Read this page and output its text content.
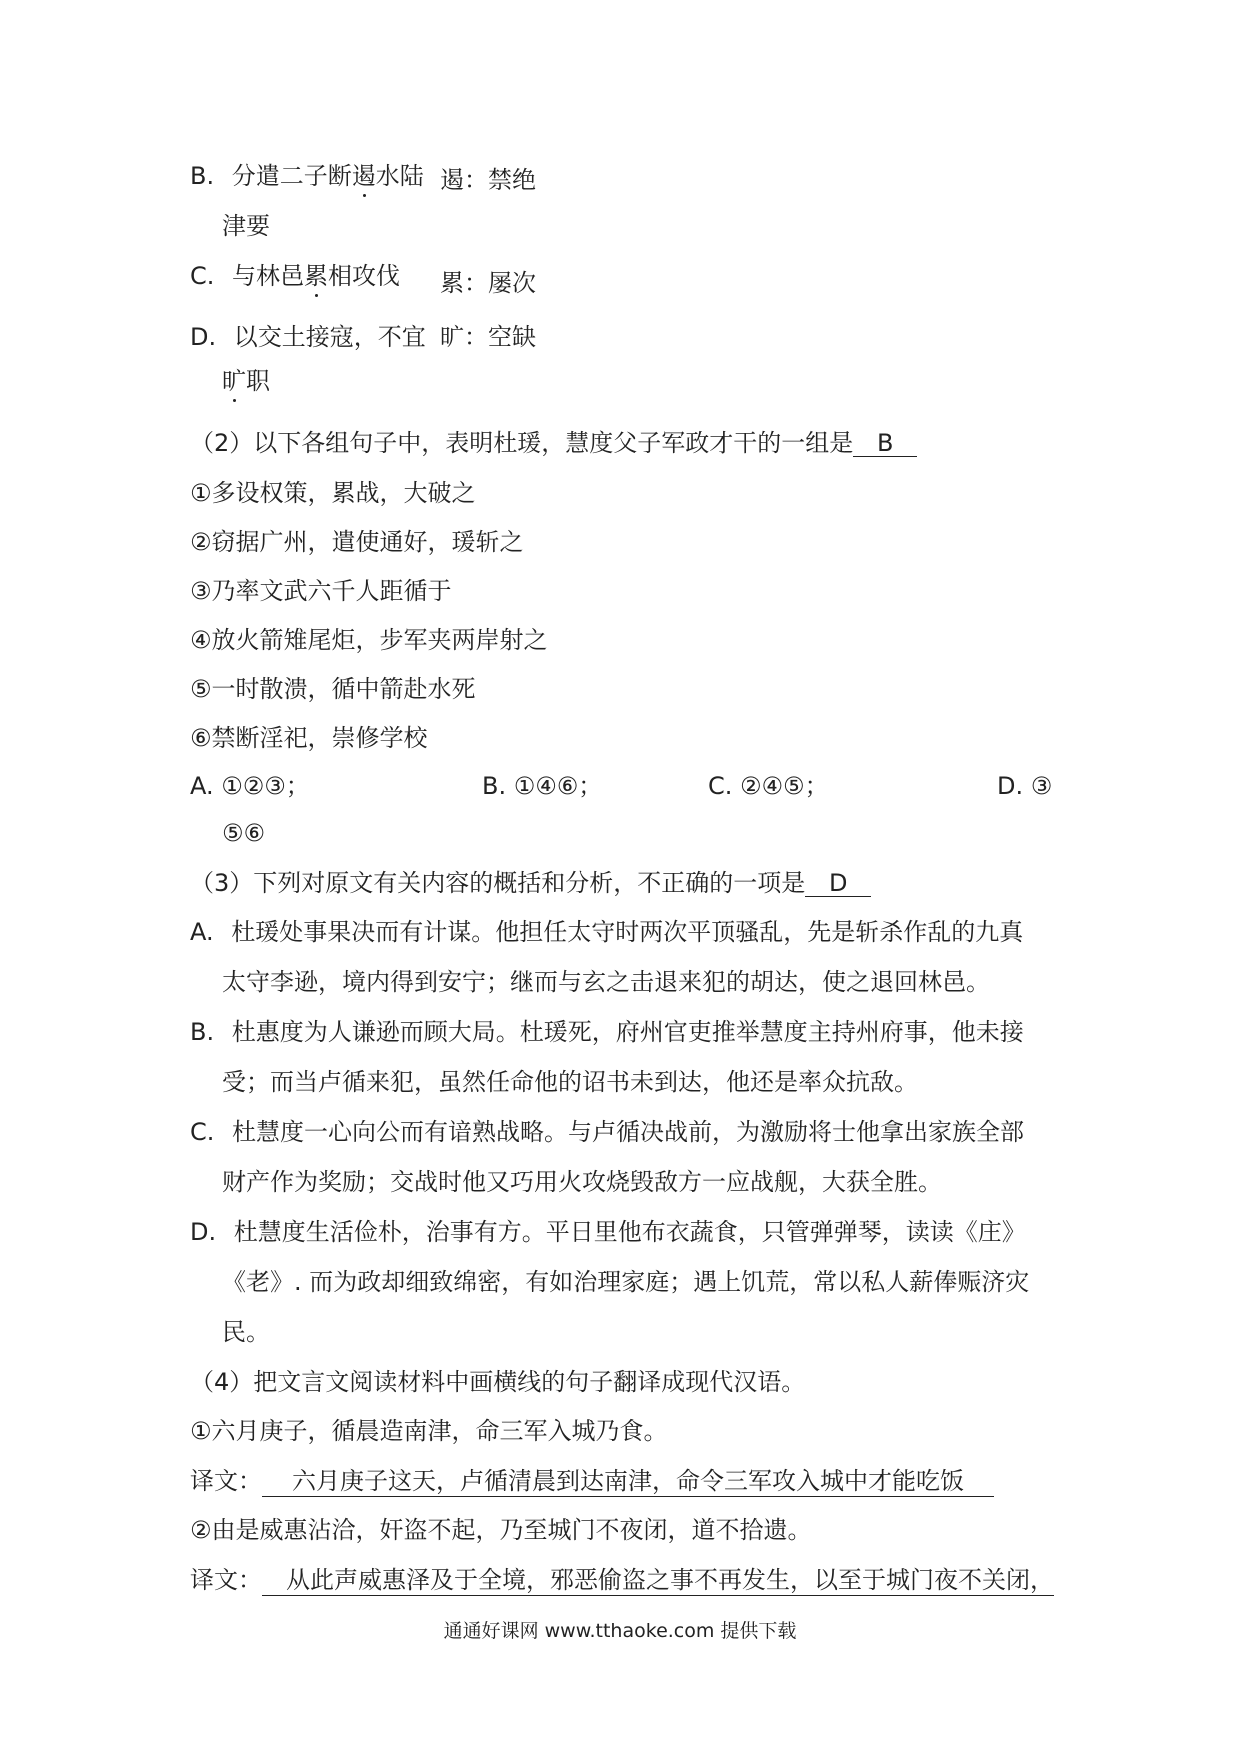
B. 分遣二子断遏水陆 遏：禁绝
津要
C. 与林邑累相攻伐 累：屡次
D. 以交土接寇，不宜 旷：空缺
旷职
（2）以下各组句子中，表明杜瑗，慧度父子军政才干的一组是 B
①多设权策，累战，大破之
②窃据广州，遣使通好，瑗斩之
③乃率文武六千人距循于
④放火箭雉尾炬，步军夹两岸射之
⑤一时散溃，循中箭赴水死
⑥禁断淫祀，崇修学校
A. ①②③；	B. ①④⑥；	C. ②④⑤；	D. ③
⑤⑥
（3）下列对原文有关内容的概括和分析，不正确的一项是 D
A. 杜瑗处事果决而有计谋。他担任太守时两次平顶骚乱，先是斩杀作乱的九真
太守李逊，境内得到安宁；继而与玄之击退来犯的胡达，使之退回林邑。
B. 杜惠度为人谦逊而顾大局。杜瑗死，府州官吏推举慧度主持州府事，他未接
受；而当卢循来犯，虽然任命他的诏书未到达，他还是率众抗敌。
C. 杜慧度一心向公而有谙熟战略。与卢循决战前，为激励将士他拿出家族全部
财产作为奖励；交战时他又巧用火攻烧毁敌方一应战舰，大获全胜。
D. 杜慧度生活俭朴，治事有方。平日里他布衣蔬食，只管弹弹琴，读读《庄》
《老》. 而为政却细致绵密，有如治理家庭；遇上饥荒，常以私人薪俸赈济灾
民。
（4）把文言文阅读材料中画横线的句子翻译成现代汉语。
①六月庚子，循晨造南津，命三军入城乃食。
译文： 六月庚子这天，卢循清晨到达南津，命令三军攻入城中才能吃饭
②由是威惠沾洽，奸盗不起，乃至城门不夜闭，道不拾遗。
译文： 从此声威惠泽及于全境，邪恶偷盗之事不再发生，以至于城门夜不关闭，
通通好课网 www.tthaoke.com 提供下载
